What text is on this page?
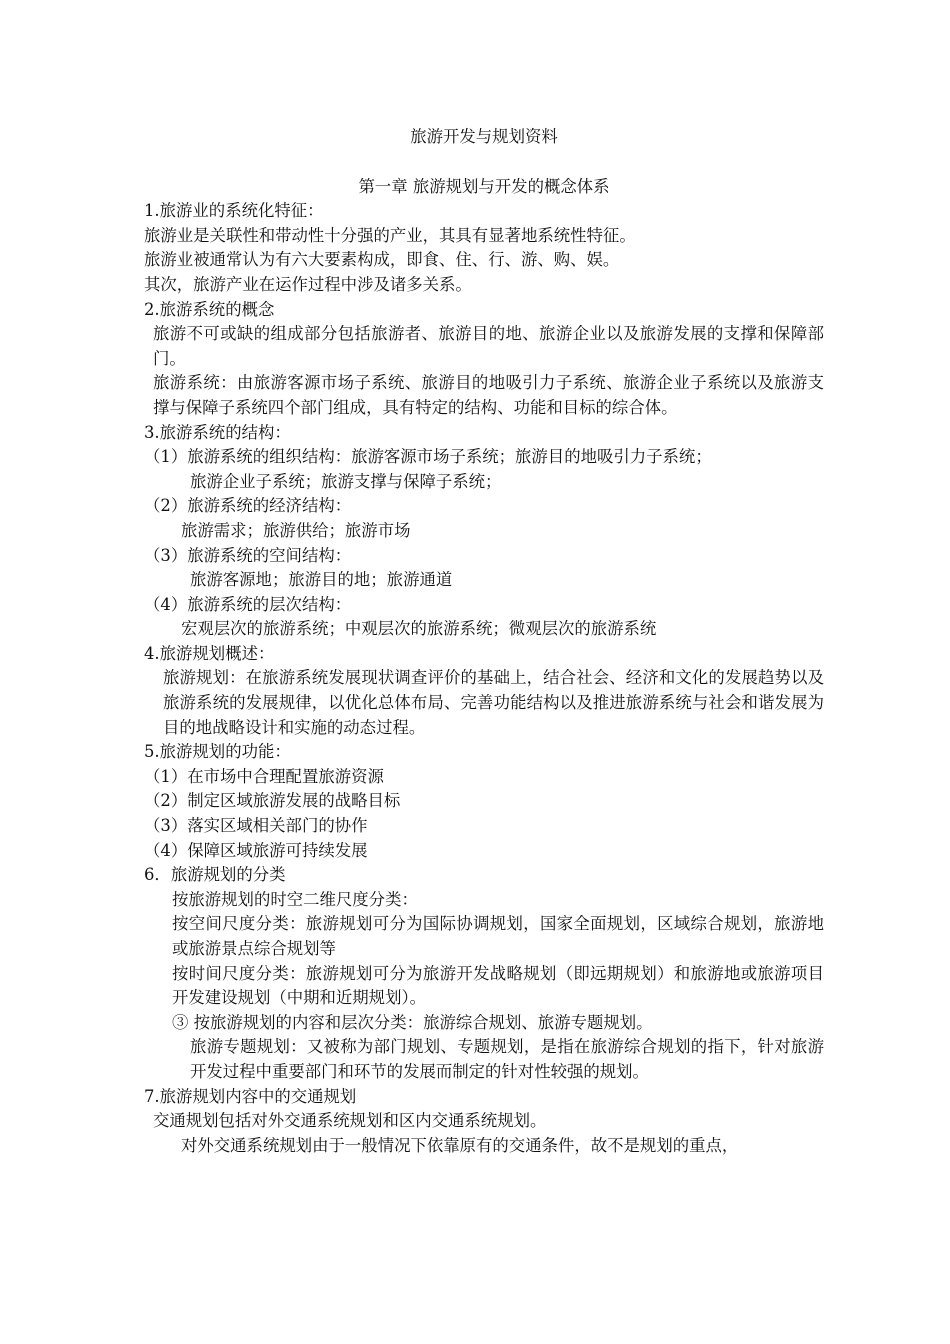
旅游开发与规划资料
第一章 旅游规划与开发的概念体系
1.旅游业的系统化特征：
旅游业是关联性和带动性十分强的产业，其具有显著地系统性特征。
旅游业被通常认为有六大要素构成，即食、住、行、游、购、娱。
其次，旅游产业在运作过程中涉及诸多关系。
2.旅游系统的概念

旅游不可或缺的组成部分包括旅游者、旅游目的地、旅游企业以及旅游发展的支撑和保障部门。

旅游系统：由旅游客源市场子系统、旅游目的地吸引力子系统、旅游企业子系统以及旅游支撑与保障子系统四个部门组成，具有特定的结构、功能和目标的综合体。

3.旅游系统的结构：
（1）旅游系统的组织结构：旅游客源市场子系统；旅游目的地吸引力子系统；
旅游企业子系统；旅游支撑与保障子系统；
（2）旅游系统的经济结构：
旅游需求；旅游供给；旅游市场
（3）旅游系统的空间结构：
旅游客源地；旅游目的地；旅游通道
（4）旅游系统的层次结构：
宏观层次的旅游系统；中观层次的旅游系统；微观层次的旅游系统
4.旅游规划概述：

旅游规划：在旅游系统发展现状调查评价的基础上，结合社会、经济和文化的发展趋势以及旅游系统的发展规律，以优化总体布局、完善功能结构以及推进旅游系统与社会和谐发展为目的地战略设计和实施的动态过程。

5.旅游规划的功能：
（1）在市场中合理配置旅游资源
（2）制定区域旅游发展的战略目标
（3）落实区域相关部门的协作
（4）保障区域旅游可持续发展
6．旅游规划的分类
按旅游规划的时空二维尺度分类：

按空间尺度分类：旅游规划可分为国际协调规划，国家全面规划，区域综合规划，旅游地或旅游景点综合规划等

按时间尺度分类：旅游规划可分为旅游开发战略规划（即远期规划）和旅游地或旅游项目开发建设规划（中期和近期规划）。

③ 按旅游规划的内容和层次分类：旅游综合规划、旅游专题规划。

旅游专题规划：又被称为部门规划、专题规划，是指在旅游综合规划的指下，针对旅游开发过程中重要部门和环节的发展而制定的针对性较强的规划。

7.旅游规划内容中的交通规划
交通规划包括对外交通系统规划和区内交通系统规划。
对外交通系统规划由于一般情况下依靠原有的交通条件，故不是规划的重点，
